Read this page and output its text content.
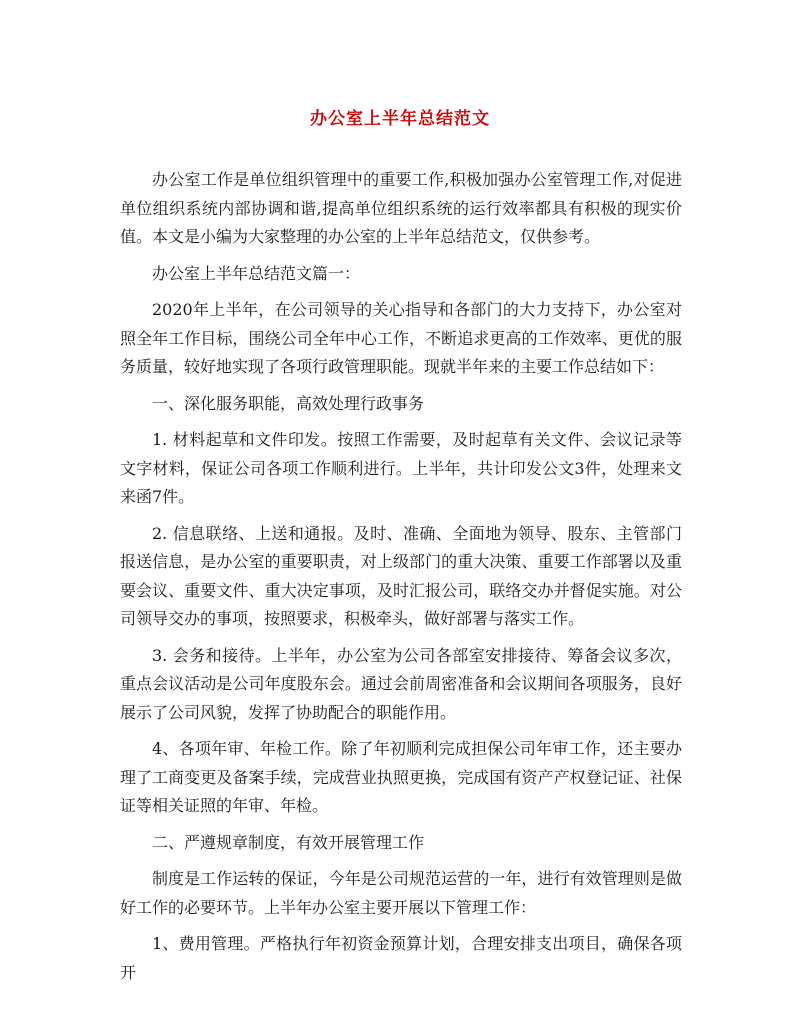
办公室上半年总结范文

办公室工作是单位组织管理中的重要工作,积极加强办公室管理工作,对促进单位组织系统内部协调和谐,提高单位组织系统的运行效率都具有积极的现实价值。本文是小编为大家整理的办公室的上半年总结范文，仅供参考。

办公室上半年总结范文篇一：

2020年上半年，在公司领导的关心指导和各部门的大力支持下，办公室对照全年工作目标，围绕公司全年中心工作，不断追求更高的工作效率、更优的服务质量，较好地实现了各项行政管理职能。现就半年来的主要工作总结如下：

一、深化服务职能，高效处理行政事务

1. 材料起草和文件印发。按照工作需要，及时起草有关文件、会议记录等文字材料，保证公司各项工作顺利进行。上半年，共计印发公文3件，处理来文来函7件。

2. 信息联络、上送和通报。及时、准确、全面地为领导、股东、主管部门报送信息，是办公室的重要职责，对上级部门的重大决策、重要工作部署以及重要会议、重要文件、重大决定事项，及时汇报公司，联络交办并督促实施。对公司领导交办的事项，按照要求，积极牵头，做好部署与落实工作。

3. 会务和接待。上半年，办公室为公司各部室安排接待、筹备会议多次，重点会议活动是公司年度股东会。通过会前周密准备和会议期间各项服务，良好展示了公司风貌，发挥了协助配合的职能作用。

4、各项年审、年检工作。除了年初顺利完成担保公司年审工作，还主要办理了工商变更及备案手续，完成营业执照更换，完成国有资产产权登记证、社保证等相关证照的年审、年检。

二、严遵规章制度，有效开展管理工作

制度是工作运转的保证，今年是公司规范运营的一年，进行有效管理则是做好工作的必要环节。上半年办公室主要开展以下管理工作：

1、费用管理。严格执行年初资金预算计划，合理安排支出项目，确保各项开
